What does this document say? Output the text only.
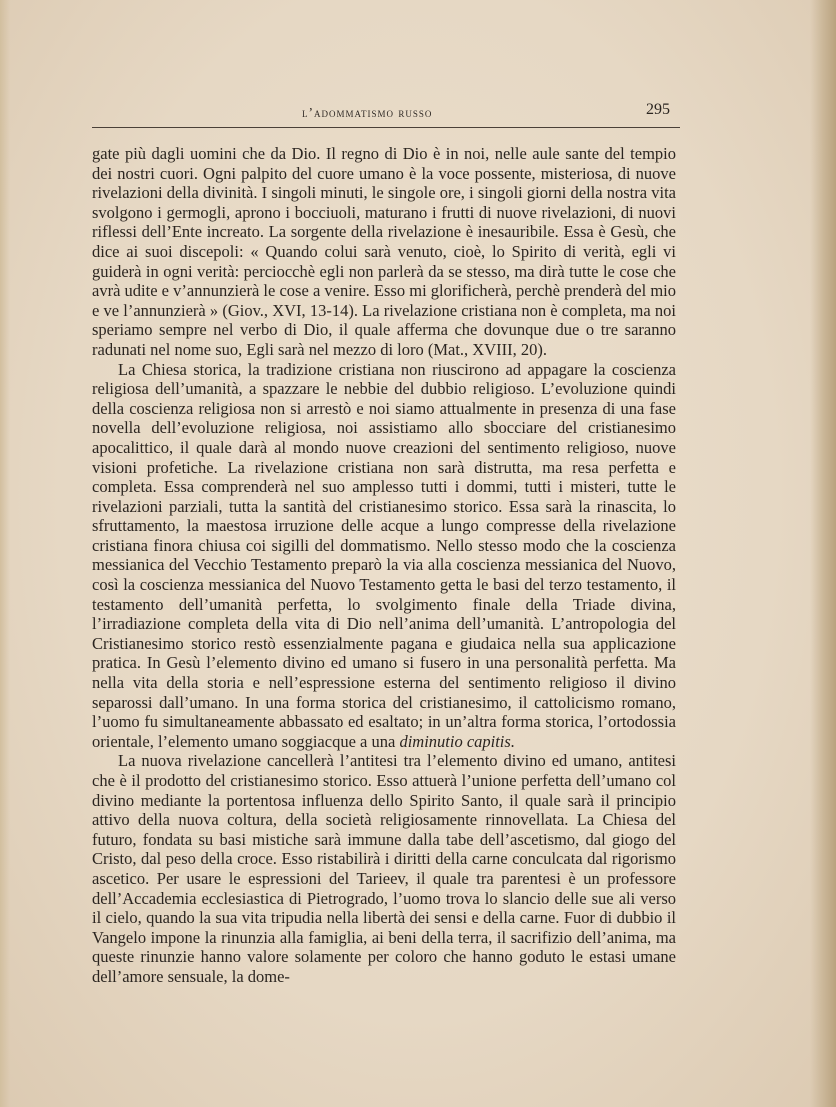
l’adommatismo russo	295

gate più dagli uomini che da Dio. Il regno di Dio è in noi, nelle aule sante del tempio dei nostri cuori. Ogni palpito del cuore umano è la voce possente, misteriosa, di nuove rivelazioni della divinità. I singoli minuti, le singole ore, i singoli giorni della nostra vita svolgono i germogli, aprono i bocciuoli, maturano i frutti di nuove rivelazioni, di nuovi riflessi dell’Ente increato. La sorgente della rivelazione è inesauribile. Essa è Gesù, che dice ai suoi discepoli: « Quando colui sarà venuto, cioè, lo Spirito di verità, egli vi guiderà in ogni verità: perciocchè egli non parlerà da se stesso, ma dirà tutte le cose che avrà udite e v’annunzierà le cose a venire. Esso mi glorificherà, perchè prenderà del mio e ve l’annunzierà » (Giov., XVI, 13-14). La rivelazione cristiana non è completa, ma noi speriamo sempre nel verbo di Dio, il quale afferma che dovunque due o tre saranno radunati nel nome suo, Egli sarà nel mezzo di loro (Mat., XVIII, 20).

La Chiesa storica, la tradizione cristiana non riuscirono ad appagare la coscienza religiosa dell’umanità, a spazzare le nebbie del dubbio religioso. L’evoluzione quindi della coscienza religiosa non si arrestò e noi siamo attualmente in presenza di una fase novella dell’evoluzione religiosa, noi assistiamo allo sbocciare del cristianesimo apocalittico, il quale darà al mondo nuove creazioni del sentimento religioso, nuove visioni profetiche. La rivelazione cristiana non sarà distrutta, ma resa perfetta e completa. Essa comprenderà nel suo amplesso tutti i dommi, tutti i misteri, tutte le rivelazioni parziali, tutta la santità del cristianesimo storico. Essa sarà la rinascita, lo sfruttamento, la maestosa irruzione delle acque a lungo compresse della rivelazione cristiana finora chiusa coi sigilli del dommatismo. Nello stesso modo che la coscienza messianica del Vecchio Testamento preparò la via alla coscienza messianica del Nuovo, così la coscienza messianica del Nuovo Testamento getta le basi del terzo testamento, il testamento dell’umanità perfetta, lo svolgimento finale della Triade divina, l’irradiazione completa della vita di Dio nell’anima dell’umanità. L’antropologia del Cristianesimo storico restò essenzialmente pagana e giudaica nella sua applicazione pratica. In Gesù l’elemento divino ed umano si fusero in una personalità perfetta. Ma nella vita della storia e nell’espressione esterna del sentimento religioso il divino separossi dall’umano. In una forma storica del cristianesimo, il cattolicismo romano, l’uomo fu simultaneamente abbassato ed esaltato; in un’altra forma storica, l’ortodossia orientale, l’elemento umano soggiacque a una diminutio capitis.

La nuova rivelazione cancellerà l’antitesi tra l’elemento divino ed umano, antitesi che è il prodotto del cristianesimo storico. Esso attuerà l’unione perfetta dell’umano col divino mediante la portentosa influenza dello Spirito Santo, il quale sarà il principio attivo della nuova coltura, della società religiosamente rinnovellata. La Chiesa del futuro, fondata su basi mistiche sarà immune dalla tabe dell’ascetismo, dal giogo del Cristo, dal peso della croce. Esso ristabilirà i diritti della carne conculcata dal rigorismo ascetico. Per usare le espressioni del Tarieev, il quale tra parentesi è un professore dell’Accademia ecclesiastica di Pietrogrado, l’uomo trova lo slancio delle sue ali verso il cielo, quando la sua vita tripudia nella libertà dei sensi e della carne. Fuor di dubbio il Vangelo impone la rinunzia alla famiglia, ai beni della terra, il sacrifizio dell’anima, ma queste rinunzie hanno valore solamente per coloro che hanno goduto le estasi umane dell’amore sensuale, la dome-
